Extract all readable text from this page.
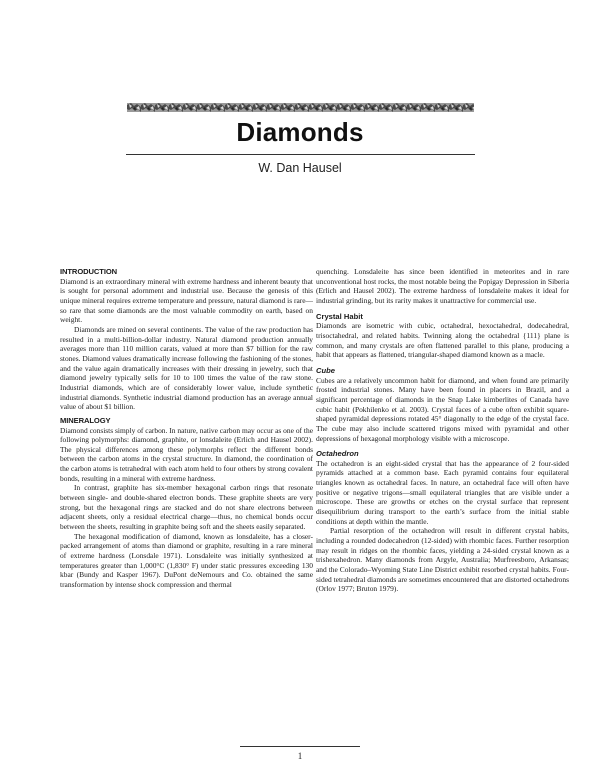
Diamonds
W. Dan Hausel
INTRODUCTION

Diamond is an extraordinary mineral with extreme hardness and inherent beauty that is sought for personal adornment and industrial use. Because the genesis of this unique mineral requires extreme temperature and pressure, natural diamond is rare—so rare that some diamonds are the most valuable commodity on earth, based on weight.

Diamonds are mined on several continents. The value of the raw production has resulted in a multi-billion-dollar industry. Natural diamond production annually averages more than 110 million carats, valued at more than $7 billion for the raw stones. Diamond values dramatically increase following the fashioning of the stones, and the value again dramatically increases with their dressing in jewelry, such that diamond jewelry typically sells for 10 to 100 times the value of the raw stone. Industrial diamonds, which are of considerably lower value, include synthetic industrial diamonds. Synthetic industrial diamond production has an average annual value of about $1 billion.

MINERALOGY

Diamond consists simply of carbon. In nature, native carbon may occur as one of the following polymorphs: diamond, graphite, or lonsdaleite (Erlich and Hausel 2002). The physical differences among these polymorphs reflect the different bonds between the carbon atoms in the crystal structure. In diamond, the coordination of the carbon atoms is tetrahedral with each atom held to four others by strong covalent bonds, resulting in a mineral with extreme hardness.

In contrast, graphite has six-member hexagonal carbon rings that resonate between single- and double-shared electron bonds. These graphite sheets are very strong, but the hexagonal rings are stacked and do not share electrons between adjacent sheets, only a residual electrical charge—thus, no chemical bonds occur between the sheets, resulting in graphite being soft and the sheets easily separated.

The hexagonal modification of diamond, known as lonsdaleite, has a closer-packed arrangement of atoms than diamond or graphite, resulting in a rare mineral of extreme hardness (Lonsdale 1971). Lonsdaleite was initially synthesized at temperatures greater than 1,000°C (1,830° F) under static pressures exceeding 130 kbar (Bundy and Kasper 1967). DuPont deNemours and Co. obtained the same transformation by intense shock compression and thermal

quenching. Lonsdaleite has since been identified in meteorites and in rare unconventional host rocks, the most notable being the Popigay Depression in Siberia (Erlich and Hausel 2002). The extreme hardness of lonsdaleite makes it ideal for industrial grinding, but its rarity makes it unattractive for commercial use.

Crystal Habit

Diamonds are isometric with cubic, octahedral, hexoctahedral, dodecahedral, trisoctahedral, and related habits. Twinning along the octahedral {111} plane is common, and many crystals are often flattened parallel to this plane, producing a habit that appears as flattened, triangular-shaped diamond known as a macle.

Cube

Cubes are a relatively uncommon habit for diamond, and when found are primarily frosted industrial stones. Many have been found in placers in Brazil, and a significant percentage of diamonds in the Snap Lake kimberlites of Canada have cubic habit (Pokhilenko et al. 2003). Crystal faces of a cube often exhibit square-shaped pyramidal depressions rotated 45° diagonally to the edge of the crystal face. The cube may also include scattered trigons mixed with pyramidal and other depressions of hexagonal morphology visible with a microscope.

Octahedron

The octahedron is an eight-sided crystal that has the appearance of 2 four-sided pyramids attached at a common base. Each pyramid contains four equilateral triangles known as octahedral faces. In nature, an octahedral face will often have positive or negative trigons—small equilateral triangles that are visible under a microscope. These are growths or etches on the crystal surface that represent disequilibrium during transport to the earth’s surface from the initial stable conditions at depth within the mantle.

Partial resorption of the octahedron will result in different crystal habits, including a rounded dodecahedron (12-sided) with rhombic faces. Further resorption may result in ridges on the rhombic faces, yielding a 24-sided crystal known as a trishexahedron. Many diamonds from Argyle, Australia; Murfreesboro, Arkansas; and the Colorado–Wyoming State Line District exhibit resorbed crystal habits. Four-sided tetrahedral diamonds are sometimes encountered that are distorted octahedrons (Orlov 1977; Bruton 1979).

1
